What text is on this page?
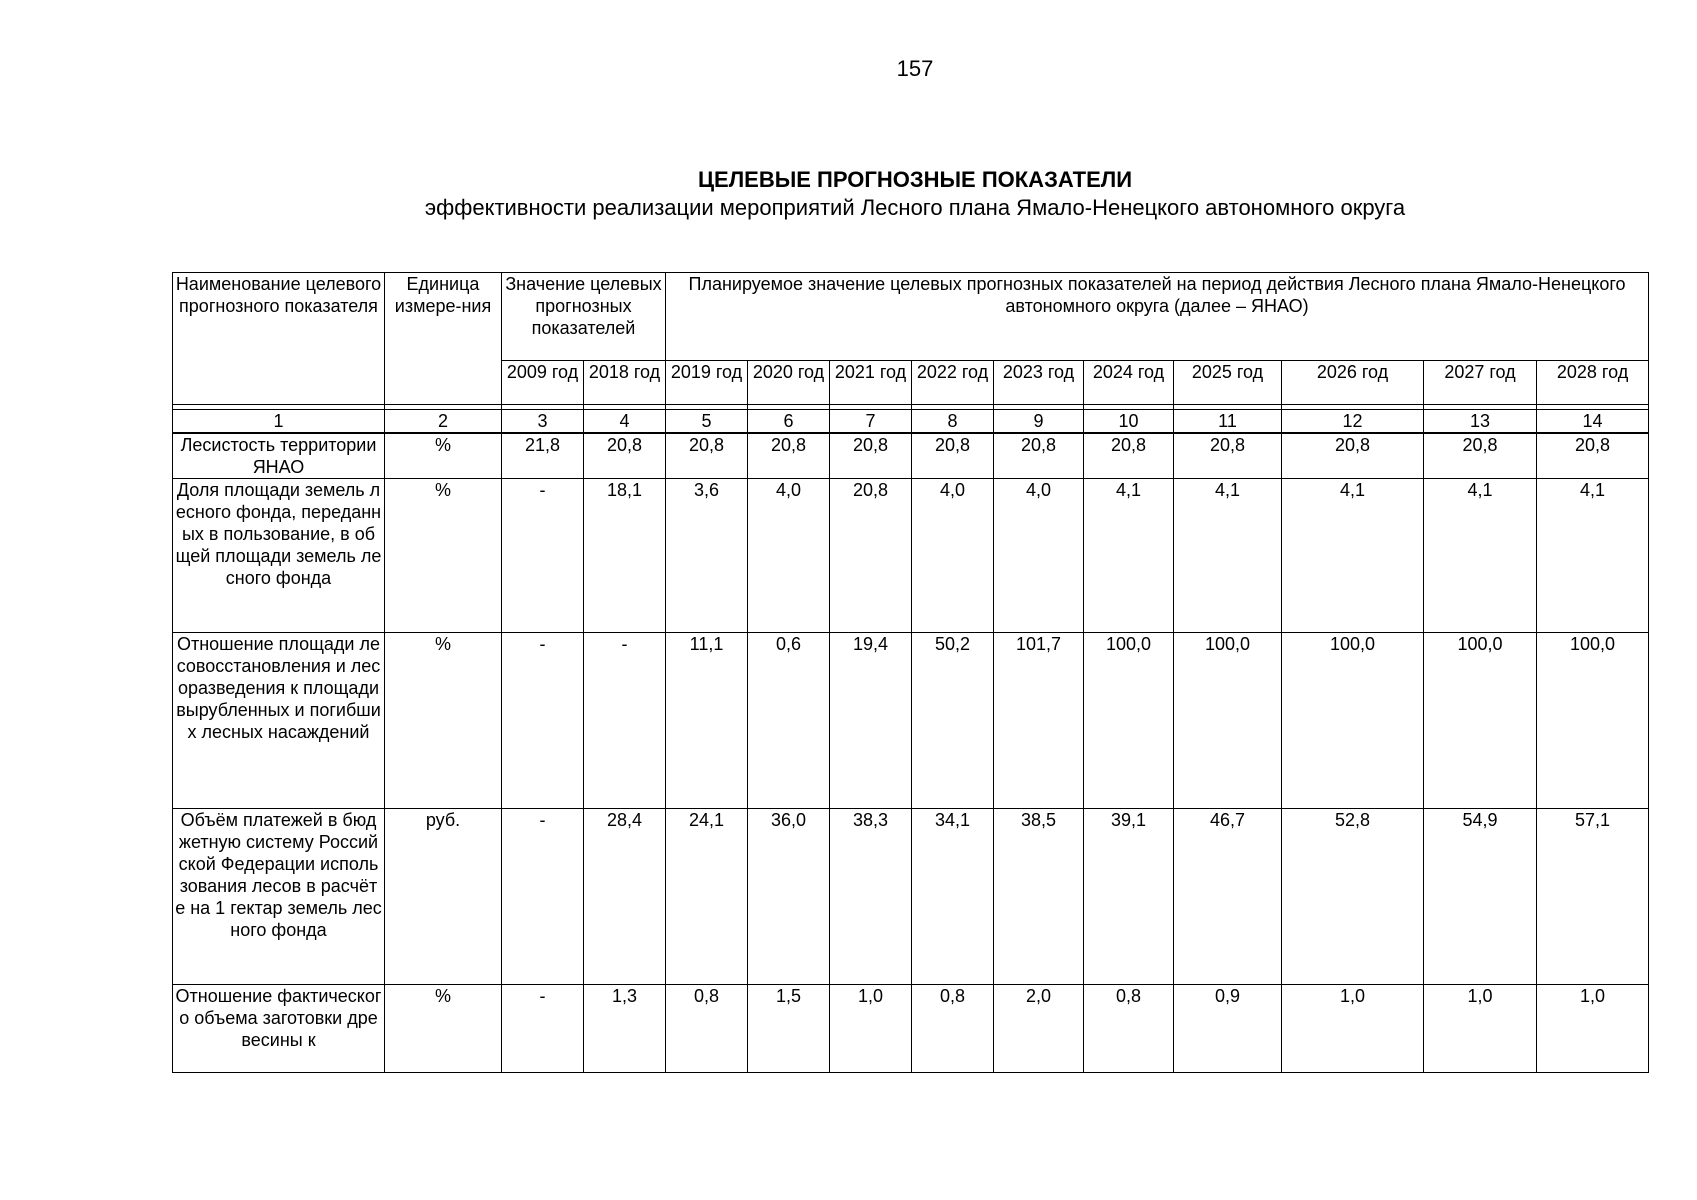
157
ЦЕЛЕВЫЕ ПРОГНОЗНЫЕ ПОКАЗАТЕЛИ
эффективности реализации мероприятий Лесного плана Ямало-Ненецкого автономного округа
Наименование целевого прогнозного показателя	Единица измере-ния	Значение целевых прогнозных показателей		Планируемое значение целевых прогнозных показателей на период действия Лесного плана Ямало-Ненецкого автономного округа (далее – ЯНАО)									
		2009 год	2018 год	2019 год	2020 год	2021 год	2022 год	2023 год	2024 год	2025 год	2026 год	2027 год	2028 год

1	2	3	4	5	6	7	8	9	10	11	12	13	14
Лесистость территории ЯНАО	%	21,8	20,8	20,8	20,8	20,8	20,8	20,8	20,8	20,8	20,8	20,8	20,8
Доля площади земель лесного фонда, переданных в пользование, в общей площади земель лесного фонда	%	-	18,1	3,6	4,0	20,8	4,0	4,0	4,1	4,1	4,1	4,1	4,1
Отношение площади лесовосстановления и лесоразведения к площади вырубленных и погибших лесных насаждений	%	-	-	11,1	0,6	19,4	50,2	101,7	100,0	100,0	100,0	100,0	100,0
Объём платежей в бюджетную систему Российской Федерации использования лесов в расчёте на 1 гектар земель лесного фонда	руб.	-	28,4	24,1	36,0	38,3	34,1	38,5	39,1	46,7	52,8	54,9	57,1
Отношение фактического объема заготовки древесины к	%	-	1,3	0,8	1,5	1,0	0,8	2,0	0,8	0,9	1,0	1,0	1,0
